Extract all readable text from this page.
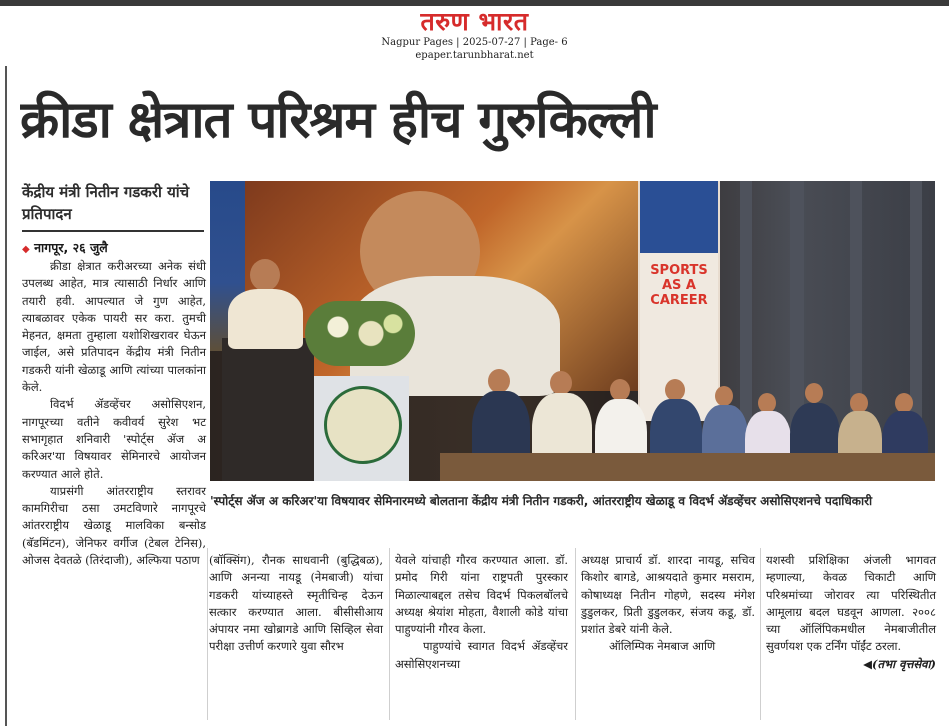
तरुण भारत
Nagpur Pages | 2025-07-27 | Page- 6
epaper.tarunbharat.net
क्रीडा क्षेत्रात परिश्रम हीच गुरुकिल्ली
केंद्रीय मंत्री नितीन गडकरी यांचे प्रतिपादन
◆ नागपूर, २६ जुलै

क्रीडा क्षेत्रात करीअरच्या अनेक संधी उपलब्ध आहेत, मात्र त्यासाठी निर्धार आणि तयारी हवी. आपल्यात जे गुण आहेत, त्याबळावर एकेक पायरी सर करा. तुमची मेहनत, क्षमता तुम्हाला यशोशिखरावर घेऊन जाईल, असे प्रतिपादन केंद्रीय मंत्री नितीन गडकरी यांनी खेळाडू आणि त्यांच्या पालकांना केले.

विदर्भ ॲडव्हेंचर असोसिएशन, नागपूरच्या वतीने कवीवर्य सुरेश भट सभागृहात शनिवारी 'स्पोर्ट्स ॲज अ करिअर'या विषयावर सेमिनारचे आयोजन करण्यात आले होते.

याप्रसंगी आंतरराष्ट्रीय स्तरावर कामगिरीचा ठसा उमटविणारे नागपूरचे आंतरराष्ट्रीय खेळाडू मालविका बन्सोड (बॅडमिंटन), जेनिफर वर्गीज (टेबल टेनिस), ओजस देवतळे (तिरंदाजी), अल्फिया पठाण

SPORTS AS A CAREER
'स्पोर्ट्स ॲज अ करिअर'या विषयावर सेमिनारमध्ये बोलताना केंद्रीय मंत्री नितीन गडकरी, आंतरराष्ट्रीय खेळाडू व विदर्भ ॲडव्हेंचर असोसिएशनचे पदाधिकारी

(बॉक्सिंग), रौनक साधवानी (बुद्धिबळ), आणि अनन्या नायडू (नेमबाजी) यांचा गडकरी यांच्याहस्ते स्मृतीचिन्ह देऊन सत्कार करण्यात आला. बीसीसीआय अंपायर नमा खोब्रागडे आणि सिव्हिल सेवा परीक्षा उत्तीर्ण करणारे युवा सौरभ

येवले यांचाही गौरव करण्यात आला. डॉ. प्रमोद गिरी यांना राष्ट्रपती पुरस्कार मिळाल्याबद्दल तसेच विदर्भ पिकलबॉलचे अध्यक्ष श्रेयांश मोहता, वैशाली कोडे यांचा पाहुण्यांनी गौरव केला.

पाहुण्यांचे स्वागत विदर्भ ॲडव्हेंचर असोसिएशनच्या

अध्यक्ष प्राचार्य डॉ. शारदा नायडू, सचिव किशोर बागडे, आश्रयदाते कुमार मसराम, कोषाध्यक्ष नितीन गोहणे, सदस्य मंगेश डुडुलकर, प्रिती डुडुलकर, संजय कडू, डॉ. प्रशांत डेबरे यांनी केले.

ऑलिम्पिक नेमबाज आणि

यशस्वी प्रशिक्षिका अंजली भागवत म्हणाल्या, केवळ चिकाटी आणि परिश्रमांच्या जोरावर त्या परिस्थितीत आमूलाग्र बदल घडवून आणला. २००८ च्या ऑलिंपिकमधील नेमबाजीतील सुवर्णयश एक टर्निंग पॉईंट ठरला.

◀(तभा वृत्तसेवा)
